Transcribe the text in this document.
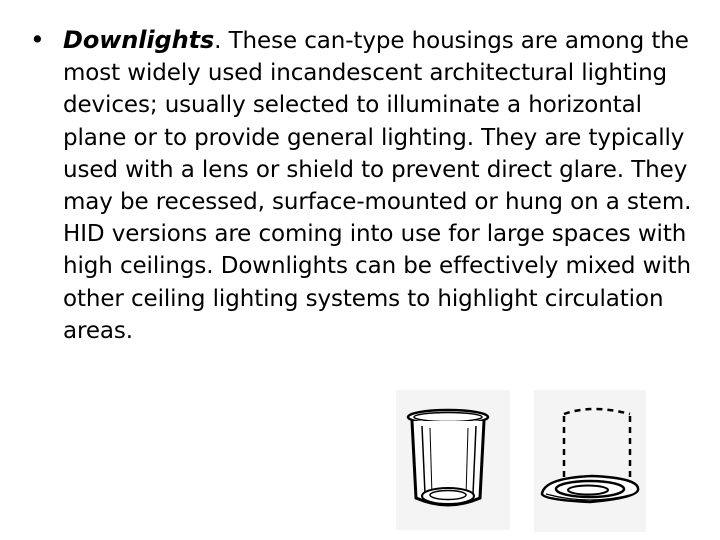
• Downlights. These can-type housings are among the most widely used incandescent architectural lighting devices; usually selected to illuminate a horizontal plane or to provide general lighting. They are typically used with a lens or shield to prevent direct glare. They may be recessed, surface-mounted or hung on a stem. HID versions are coming into use for large spaces with high ceilings. Downlights can be effectively mixed with other ceiling lighting systems to highlight circulation areas.
